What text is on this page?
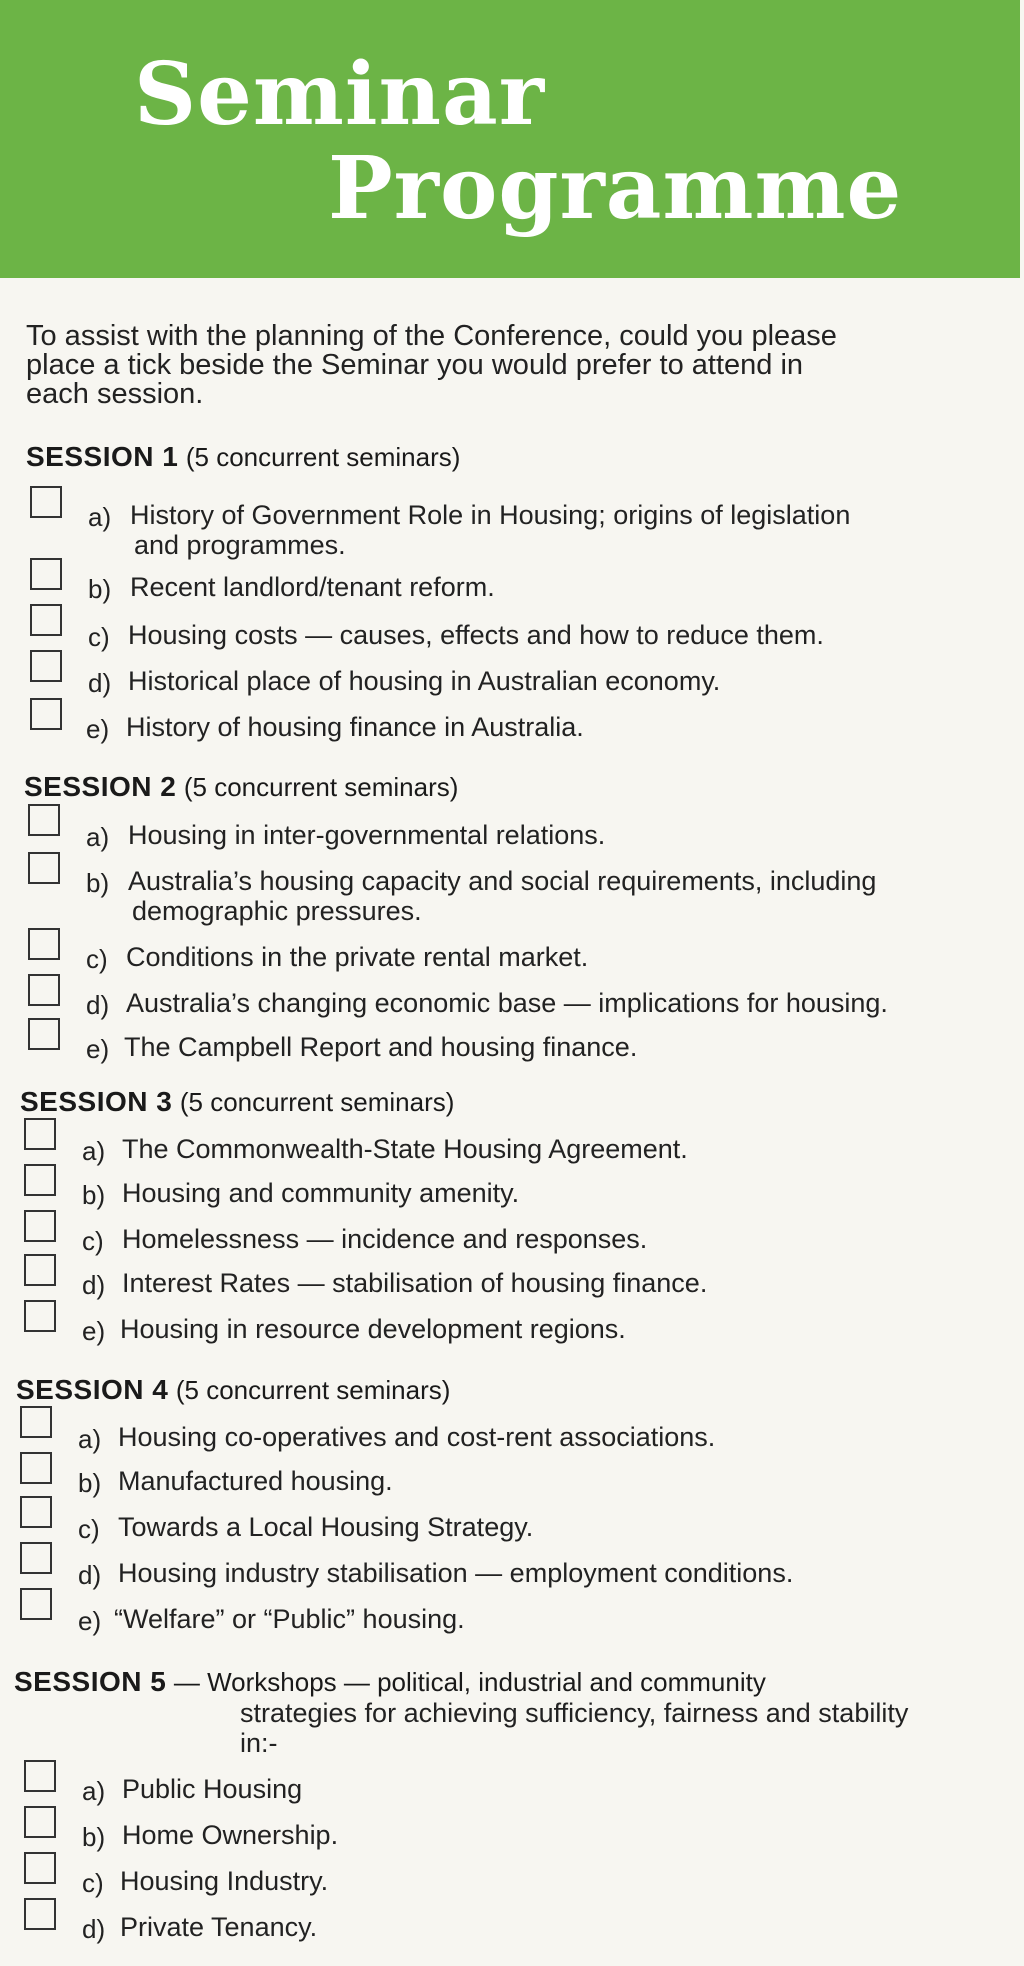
Seminar
Programme
To assist with the planning of the Conference, could you please
place a tick beside the Seminar you would prefer to attend in
each session.
SESSION 1 (5 concurrent seminars)
a) History of Government Role in Housing; origins of legislation
and programmes.
b) Recent landlord/tenant reform.
c) Housing costs — causes, effects and how to reduce them.
d) Historical place of housing in Australian economy.
e) History of housing finance in Australia.
SESSION 2 (5 concurrent seminars)
a) Housing in inter-governmental relations.
b) Australia’s housing capacity and social requirements, including
demographic pressures.
c) Conditions in the private rental market.
d) Australia’s changing economic base — implications for housing.
e) The Campbell Report and housing finance.
SESSION 3 (5 concurrent seminars)
a) The Commonwealth-State Housing Agreement.
b) Housing and community amenity.
c) Homelessness — incidence and responses.
d) Interest Rates — stabilisation of housing finance.
e) Housing in resource development regions.
SESSION 4 (5 concurrent seminars)
a) Housing co-operatives and cost-rent associations.
b) Manufactured housing.
c) Towards a Local Housing Strategy.
d) Housing industry stabilisation — employment conditions.
e) “Welfare” or “Public” housing.
SESSION 5 — Workshops — political, industrial and community
strategies for achieving sufficiency, fairness and stability
in:-
a) Public Housing
b) Home Ownership.
c) Housing Industry.
d) Private Tenancy.
